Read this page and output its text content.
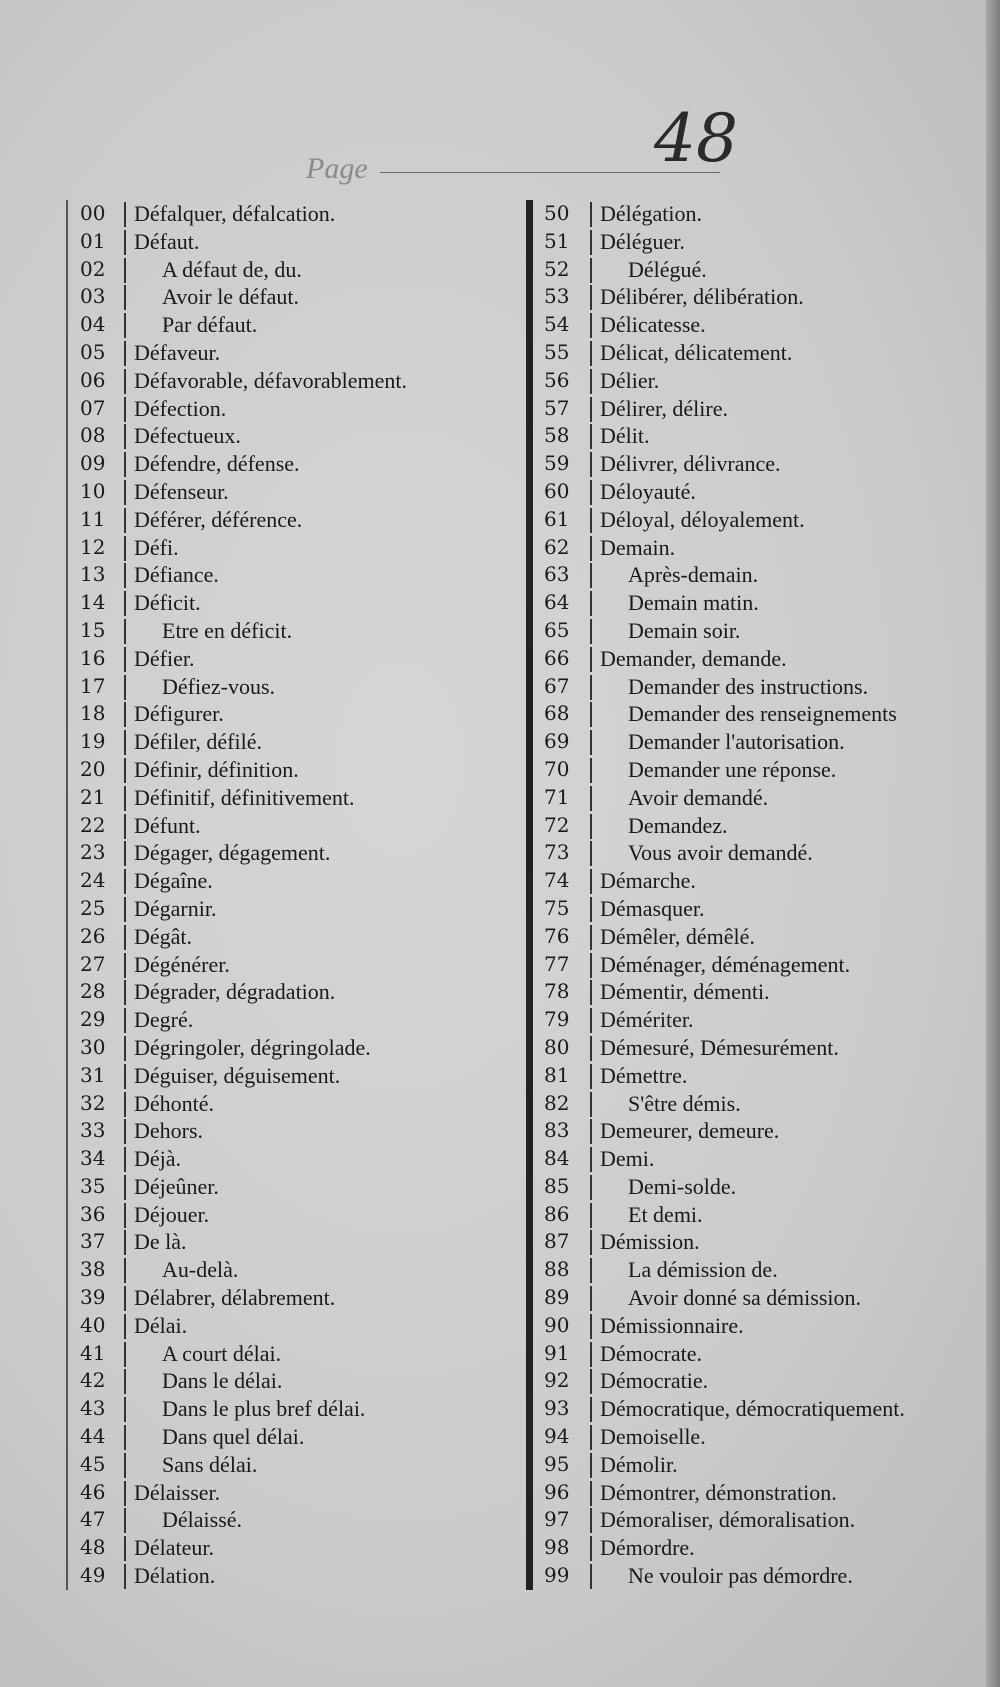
Page	48
00	Défalquer, défalcation.
01	Défaut.
02	A défaut de, du.
03	Avoir le défaut.
04	Par défaut.
05	Défaveur.
06	Défavorable, défavorablement.
07	Défection.
08	Défectueux.
09	Défendre, défense.
10	Défenseur.
11	Déférer, déférence.
12	Défi.
13	Défiance.
14	Déficit.
15	Etre en déficit.
16	Défier.
17	Défiez-vous.
18	Défigurer.
19	Défiler, défilé.
20	Définir, définition.
21	Définitif, définitivement.
22	Défunt.
23	Dégager, dégagement.
24	Dégaîne.
25	Dégarnir.
26	Dégât.
27	Dégénérer.
28	Dégrader, dégradation.
29	Degré.
30	Dégringoler, dégringolade.
31	Déguiser, déguisement.
32	Déhonté.
33	Dehors.
34	Déjà.
35	Déjeûner.
36	Déjouer.
37	De là.
38	Au-delà.
39	Délabrer, délabrement.
40	Délai.
41	A court délai.
42	Dans le délai.
43	Dans le plus bref délai.
44	Dans quel délai.
45	Sans délai.
46	Délaisser.
47	Délaissé.
48	Délateur.
49	Délation.
50	Délégation.
51	Déléguer.
52	Délégué.
53	Délibérer, délibération.
54	Délicatesse.
55	Délicat, délicatement.
56	Délier.
57	Délirer, délire.
58	Délit.
59	Délivrer, délivrance.
60	Déloyauté.
61	Déloyal, déloyalement.
62	Demain.
63	Après-demain.
64	Demain matin.
65	Demain soir.
66	Demander, demande.
67	Demander des instructions.
68	Demander des renseignements
69	Demander l'autorisation.
70	Demander une réponse.
71	Avoir demandé.
72	Demandez.
73	Vous avoir demandé.
74	Démarche.
75	Démasquer.
76	Démêler, démêlé.
77	Déménager, déménagement.
78	Démentir, démenti.
79	Démériter.
80	Démesuré, Démesurément.
81	Démettre.
82	S'être démis.
83	Demeurer, demeure.
84	Demi.
85	Demi-solde.
86	Et demi.
87	Démission.
88	La démission de.
89	Avoir donné sa démission.
90	Démissionnaire.
91	Démocrate.
92	Démocratie.
93	Démocratique, démocratiquement.
94	Demoiselle.
95	Démolir.
96	Démontrer, démonstration.
97	Démoraliser, démoralisation.
98	Démordre.
99	Ne vouloir pas démordre.
